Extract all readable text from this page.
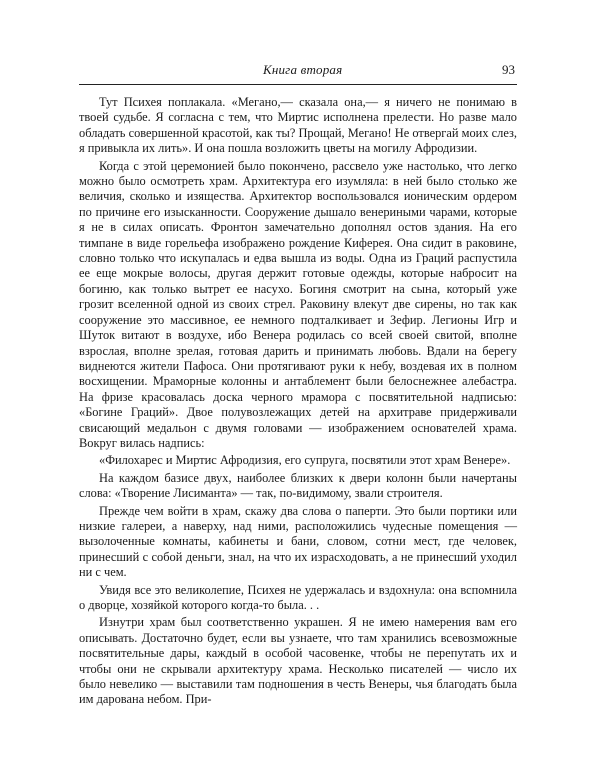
Книга вторая	93

Тут Психея поплакала. «Мегано,— сказала она,— я ничего не понимаю в твоей судьбе. Я согласна с тем, что Миртис исполнена прелести. Но разве мало обладать совершенной красотой, как ты? Прощай, Мегано! Не отвергай моих слез, я привыкла их лить». И она пошла возложить цветы на могилу Афродизии.

Когда с этой церемонией было покончено, рассвело уже настолько, что легко можно было осмотреть храм. Архитектура его изумляла: в ней было столько же величия, сколько и изящества. Архитектор воспользовался ионическим ордером по причине его изысканности. Сооружение дышало венериными чарами, которые я не в силах описать. Фронтон замечательно дополнял остов здания. На его тимпане в виде горельефа изображено рождение Киферея. Она сидит в раковине, словно только что искупалась и едва вышла из воды. Одна из Граций распустила ее еще мокрые волосы, другая держит готовые одежды, которые набросит на богиню, как только вытрет ее насухо. Богиня смотрит на сына, который уже грозит вселенной одной из своих стрел. Раковину влекут две сирены, но так как сооружение это массивное, ее немного подталкивает и Зефир. Легионы Игр и Шуток витают в воздухе, ибо Венера родилась со всей своей свитой, вполне взрослая, вполне зрелая, готовая дарить и принимать любовь. Вдали на берегу виднеются жители Пафоса. Они протягивают руки к небу, воздевая их в полном восхищении. Мраморные колонны и антаблемент были белоснежнее алебастра. На фризе красовалась доска черного мрамора с посвятительной надписью: «Богине Граций». Двое полувозлежащих детей на архитраве придерживали свисающий медальон с двумя головами — изображением основателей храма. Вокруг вилась надпись:

«Филохарес и Миртис Афродизия, его супруга, посвятили этот храм Венере».

На каждом базисе двух, наиболее близких к двери колонн были начертаны слова: «Творение Лисиманта» — так, по-видимому, звали строителя.

Прежде чем войти в храм, скажу два слова о паперти. Это были портики или низкие галереи, а наверху, над ними, расположились чудесные помещения — вызолоченные комнаты, кабинеты и бани, словом, сотни мест, где человек, принесший с собой деньги, знал, на что их израсходовать, а не принесший уходил ни с чем.

Увидя все это великолепие, Психея не удержалась и вздохнула: она вспомнила о дворце, хозяйкой которого когда-то была. . .

Изнутри храм был соответственно украшен. Я не имею намерения вам его описывать. Достаточно будет, если вы узнаете, что там хранились всевозможные посвятительные дары, каждый в особой часовенке, чтобы не перепутать их и чтобы они не скрывали архитектуру храма. Несколько писателей — число их было невелико — выставили там подношения в честь Венеры, чья благодать была им дарована небом. При-
